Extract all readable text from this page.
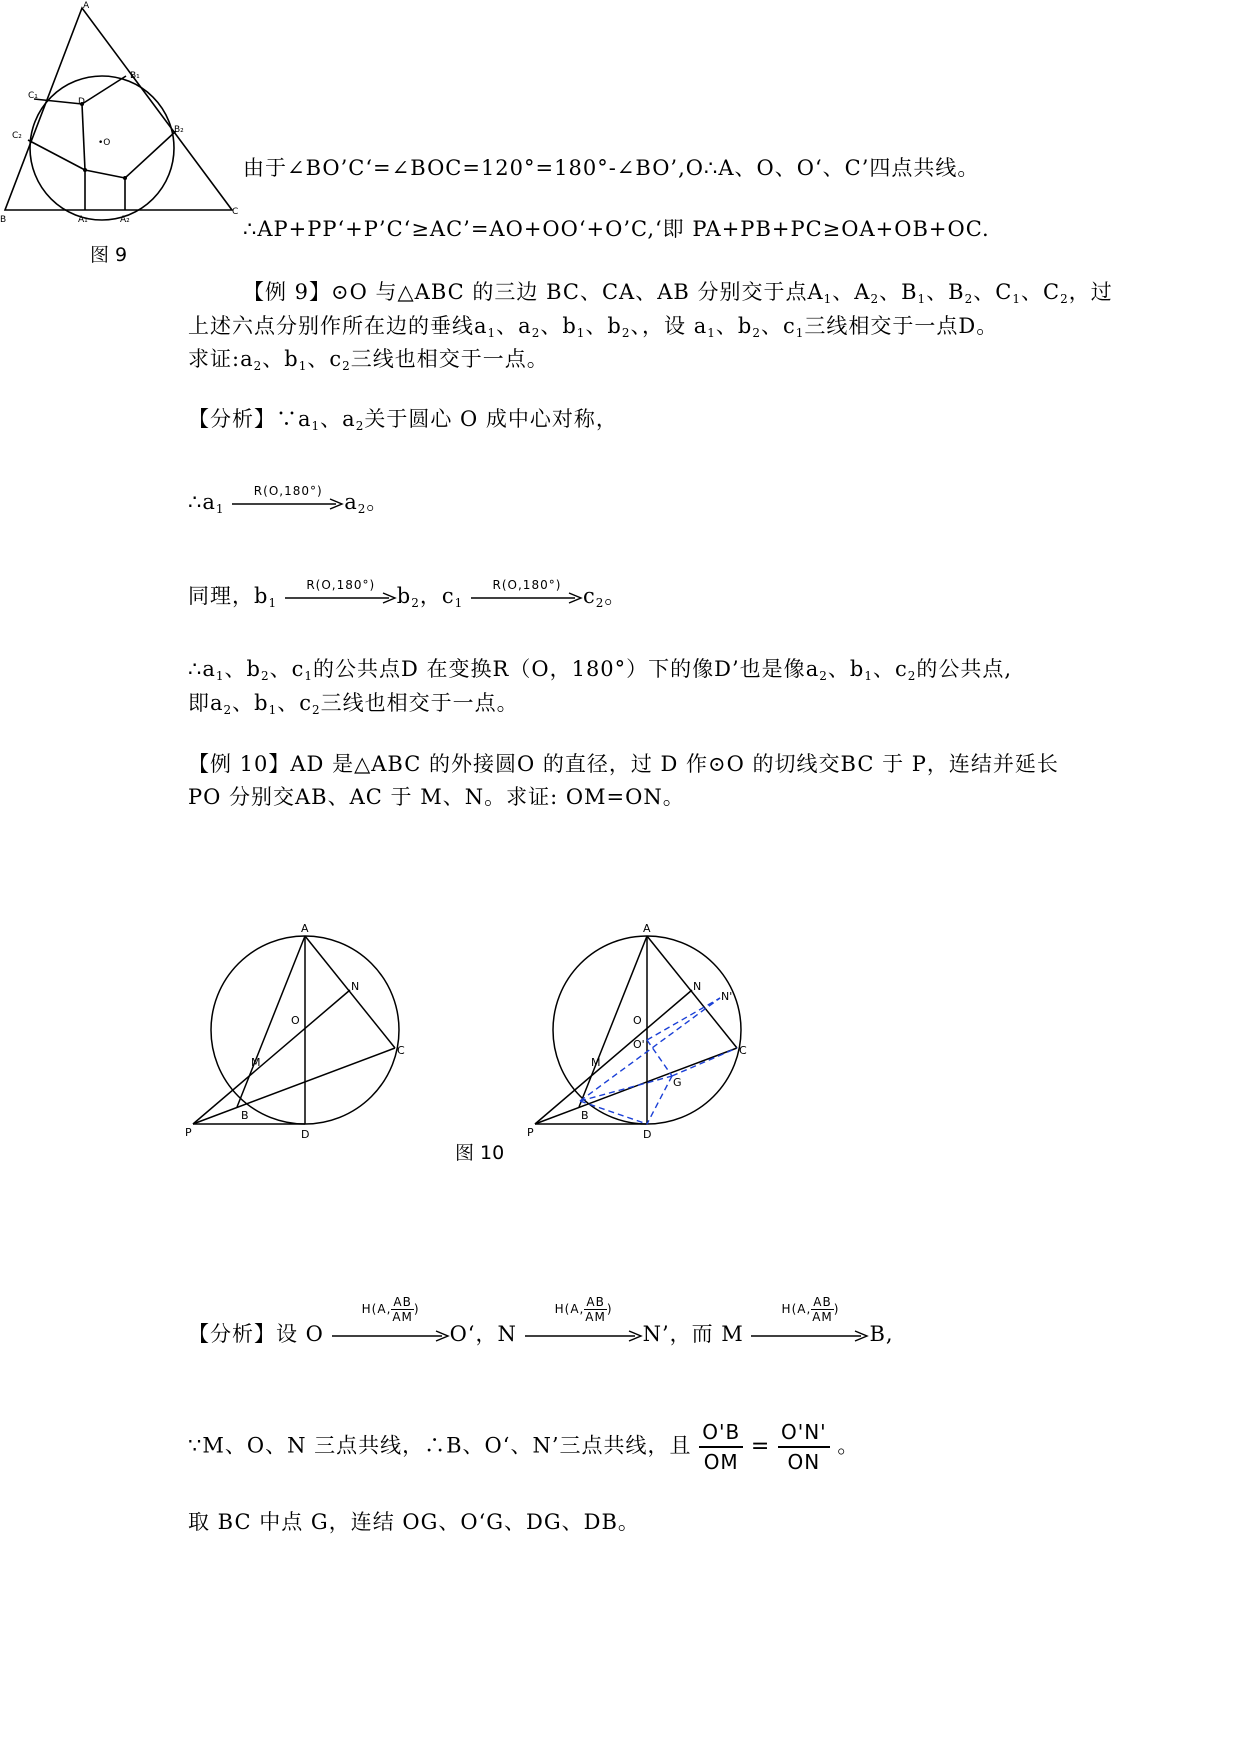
A
B₁
B₂
C₁
C₂
D
•O
A₁	A₂
B
C
图 9
由于∠BO’C‘=∠BOC=120°=180°-∠BO’,O∴A、O、O‘、C’四点共线。
∴AP+PP‘+P’C‘≥AC’=AO+OO‘+O’C,‘即 PA+PB+PC≥OA+OB+OC.
【例 9】⊙O 与△ABC 的三边 BC、CA、AB 分别交于点$A_1$、$A_2$、$B_1$、$B_2$、$C_1$、$C_2$，过
上述六点分别作所在边的垂线$a_1$、$a_2$、$b_1$、$b_2$、，设 $a_1$、$b_2$、$c_1$三线相交于一点D。
求证$:a_2$、$b_1$、$c_2$三线也相交于一点。
【分析】$\because a_1$、$a_2$关于圆心 O 成中心对称，
$\therefore a_1$
R(O,180°)	$a_2$。
同理，$b_1$
R(O,180°)	$b_2$，$c_1$
R(O,180°)	$c_2$。
$\therefore a_1$、$b_2$、$c_1$的公共点D 在变换R（O，180°）下的像D’也是像$a_2$、$b_1$、$c_2$的公共点,
即$a_2$、$b_1$、$c_2$三线也相交于一点。
【例 10】AD 是△ABC 的外接圆O 的直径，过 D 作⊙O 的切线交BC 于 P，连结并延长
PO 分别交AB、AC 于 M、N。求证: OM=ON。
A
N
O
M
C
B
P	D
A
N
N'
O
O'
M
G
C
B
P	D
图 10
【分析】设 O
H(A, $\frac{AB}{AM}$ )
O‘，N
H(A, $\frac{AB}{AM}$ )
N’，而 M
H(A, $\frac{AB}{AM}$ )
B,
∵M、O、N 三点共线，∴B、O‘、N’三点共线，且 $\frac{O'B}{OM} = \frac{O'N'}{ON}$ 。
取 BC 中点 G，连结 OG、O‘G、DG、DB。
